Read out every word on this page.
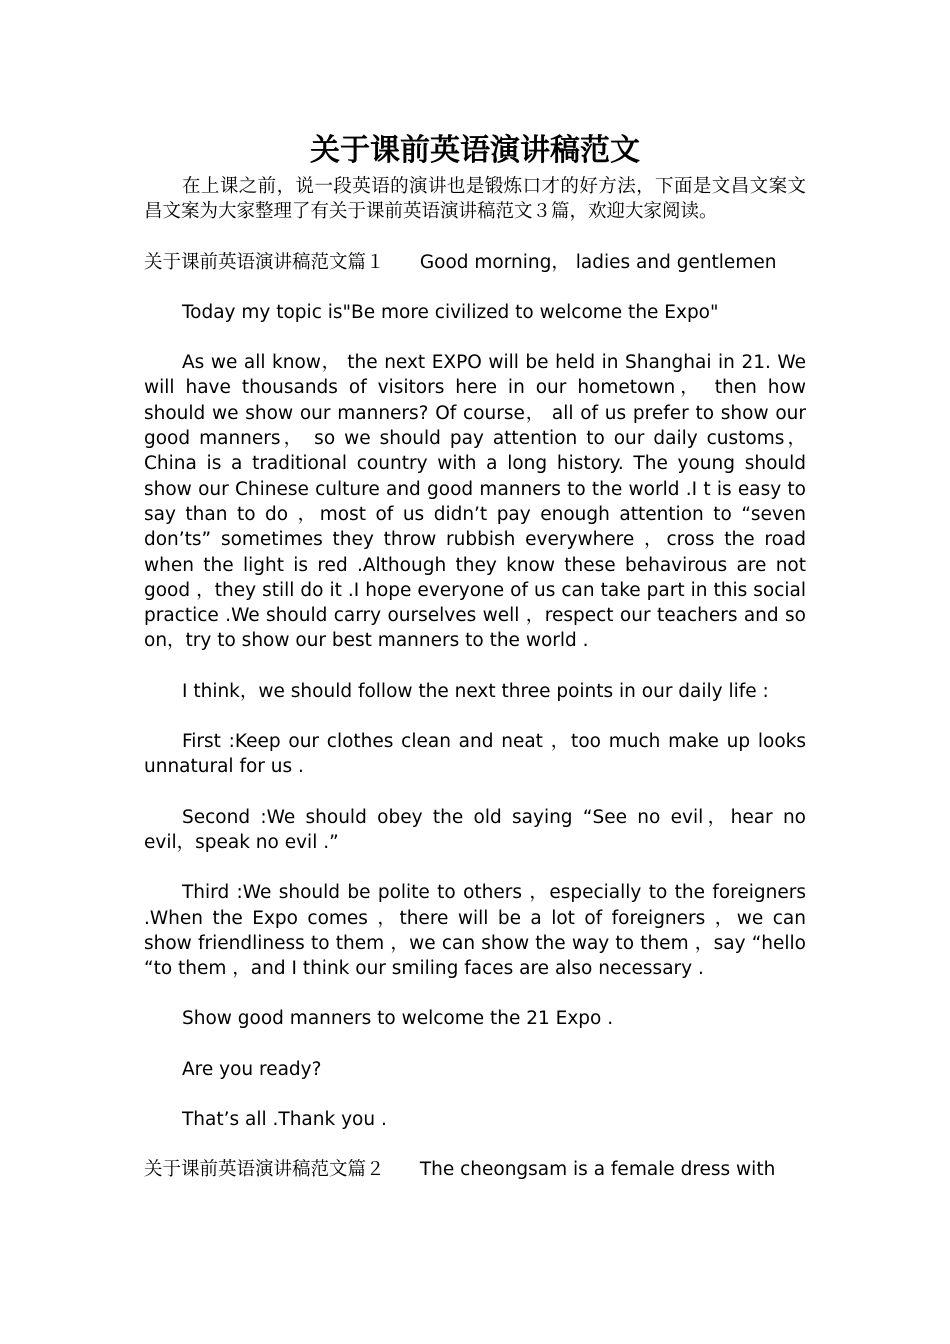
关于课前英语演讲稿范文

在上课之前，说一段英语的演讲也是锻炼口才的好方法，下面是文昌文案文昌文案为大家整理了有关于课前英语演讲稿范文３篇，欢迎大家阅读。

关于课前英语演讲稿范文篇１ Good morning， ladies and gentlemen

Today my topic is"Be more civilized to welcome the Expo"

As we all know， the next EXPO will be held in Shanghai in 21. We will have thousands of visitors here in our hometown， then how should we show our manners? Of course， all of us prefer to show our good manners， so we should pay attention to our daily customs，China is a traditional country with a long history. The young should show our Chinese culture and good manners to the world .I t is easy to say than to do ，most of us didn’t pay enough attention to “seven don’ts” sometimes they throw rubbish everywhere ，cross the road when the light is red .Although they know these behavirous are not good ，they still do it .I hope everyone of us can take part in this social practice .We should carry ourselves well ，respect our teachers and so on，try to show our best manners to the world .

I think，we should follow the next three points in our daily life :

First :Keep our clothes clean and neat ，too much make up looks unnatural for us .

Second :We should obey the old saying “See no evil，hear no evil，speak no evil .”

Third :We should be polite to others ，especially to the foreigners .When the Expo comes ，there will be a lot of foreigners ，we can show friendliness to them ，we can show the way to them ，say “hello “to them ，and I think our smiling faces are also necessary .

Show good manners to welcome the 21 Expo .

Are you ready?

That’s all .Thank you .

关于课前英语演讲稿范文篇２ The cheongsam is a female dress with
